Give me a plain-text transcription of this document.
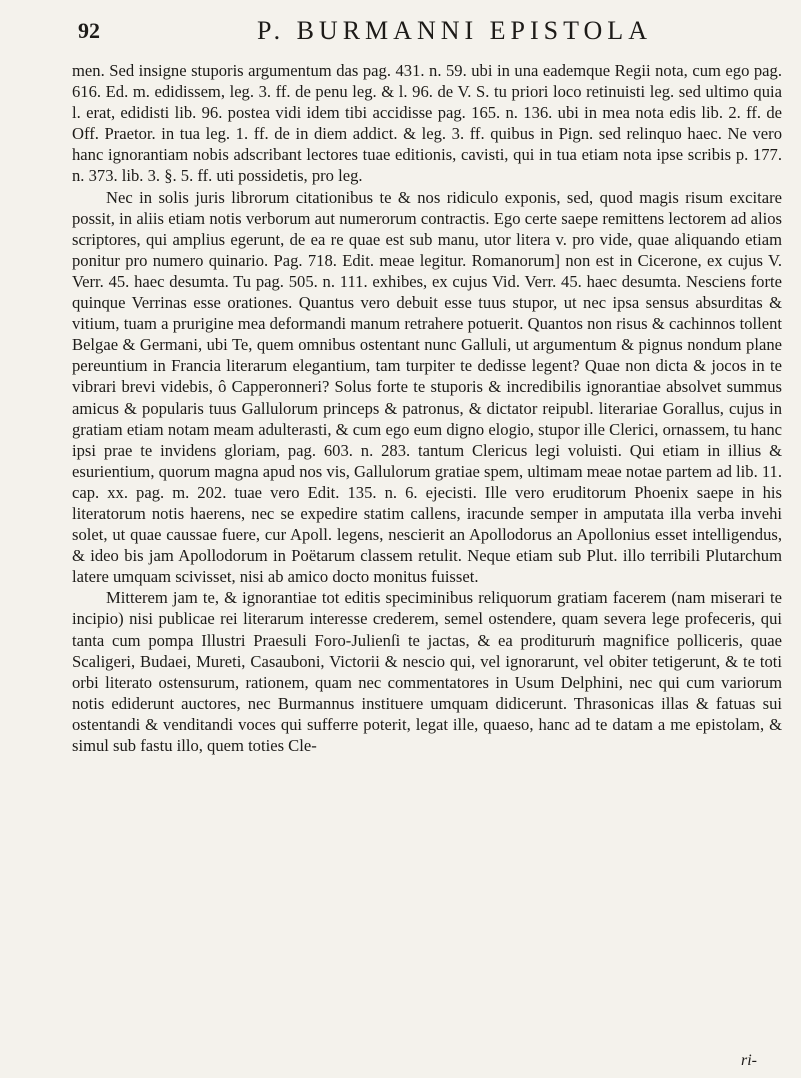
92	P. BURMANNI EPISTOLA

men. Sed insigne stuporis argumentum das pag. 431. n. 59. ubi in una eademque Regii nota, cum ego pag. 616. Ed. m. edidissem, leg. 3. ff. de penu leg. & l. 96. de V. S. tu priori loco retinuisti leg. sed ultimo quia l. erat, edidisti lib. 96. postea vidi idem tibi accidisse pag. 165. n. 136. ubi in mea nota edis lib. 2. ff. de Off. Praetor. in tua leg. 1. ff. de in diem addict. & leg. 3. ff. quibus in Pign. sed relinquo haec. Ne vero hanc ignorantiam nobis adscribant lectores tuae editionis, cavisti, qui in tua etiam nota ipse scribis p. 177. n. 373. lib. 3. §. 5. ff. uti possidetis, pro leg.

Nec in solis juris librorum citationibus te & nos ridiculo exponis, sed, quod magis risum excitare possit, in aliis etiam notis verborum aut numerorum contractis. Ego certe saepe remittens lectorem ad alios scriptores, qui amplius egerunt, de ea re quae est sub manu, utor litera v. pro vide, quae aliquando etiam ponitur pro numero quinario. Pag. 718. Edit. meae legitur. Romanorum] non est in Cicerone, ex cujus V. Verr. 45. haec desumta. Tu pag. 505. n. 111. exhibes, ex cujus Vid. Verr. 45. haec desumta. Nesciens forte quinque Verrinas esse orationes. Quantus vero debuit esse tuus stupor, ut nec ipsa sensus absurditas & vitium, tuam a prurigine mea deformandi manum retrahere potuerit. Quantos non risus & cachinnos tollent Belgae & Germani, ubi Te, quem omnibus ostentant nunc Galluli, ut argumentum & pignus nondum plane pereuntium in Francia literarum elegantium, tam turpiter te dedisse legent? Quae non dicta & jocos in te vibrari brevi videbis, ô Capperonneri? Solus forte te stuporis & incredibilis ignorantiae absolvet summus amicus & popularis tuus Gallulorum princeps & patronus, & dictator reipubl. literariae Gorallus, cujus in gratiam etiam notam meam adulterasti, & cum ego eum digno elogio, stupor ille Clerici, ornassem, tu hanc ipsi prae te invidens gloriam, pag. 603. n. 283. tantum Clericus legi voluisti. Qui etiam in illius & esurientium, quorum magna apud nos vis, Gallulorum gratiae spem, ultimam meae notae partem ad lib. 11. cap. xx. pag. m. 202. tuae vero Edit. 135. n. 6. ejecisti. Ille vero eruditorum Phoenix saepe in his literatorum notis haerens, nec se expedire statim callens, iracunde semper in amputata illa verba invehi solet, ut quae caussae fuere, cur Apoll. legens, nescierit an Apollodorus an Apollonius esset intelligendus, & ideo bis jam Apollodorum in Poëtarum classem retulit. Neque etiam sub Plut. illo terribili Plutarchum latere umquam scivisset, nisi ab amico docto monitus fuisset.

Mitterem jam te, & ignorantiae tot editis speciminibus reliquorum gratiam facerem (nam miserari te incipio) nisi publicae rei literarum interesse crederem, semel ostendere, quam severa lege profeceris, qui tanta cum pompa Illustri Praesuli Foro-Julienſi te jactas, & ea prodituruṁ magnifice polliceris, quae Scaligeri, Budaei, Mureti, Casauboni, Victorii & nescio qui, vel ignorarunt, vel obiter tetigerunt, & te toti orbi literato ostensurum, rationem, quam nec commentatores in Usum Delphini, nec qui cum variorum notis ediderunt auctores, nec Burmannus instituere umquam didicerunt. Thrasonicas illas & fatuas sui ostentandi & venditandi voces qui sufferre poterit, legat ille, quaeso, hanc ad te datam a me epistolam, & simul sub fastu illo, quem toties Cle-

ri-
